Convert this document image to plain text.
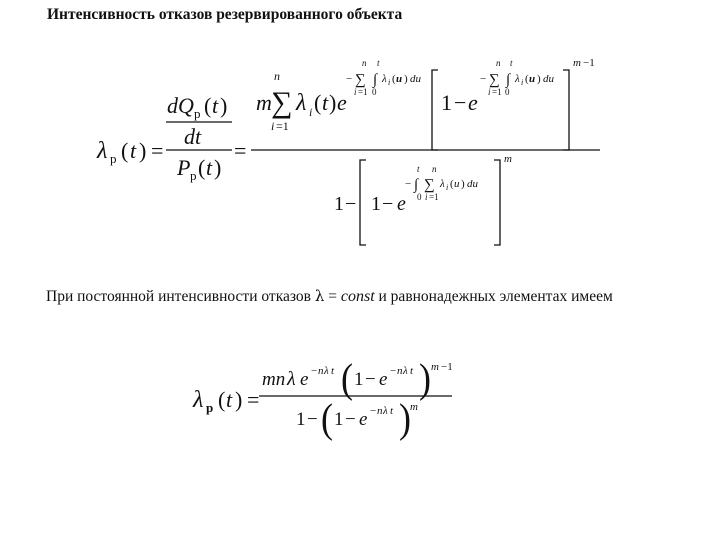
Интенсивность отказов резервированного объекта
λ р ( t ) =
dQ р ( t )
dt
P р ( t )
=
m
n
∑
i =1
λ i ( t ) e
n t
− ∑ ∫ λ i ( u ) du
i =1 0	1 − e
n t
− ∑ ∫ λ i ( u ) du
i =1 0
m −1
1 − 1 − e
t n
− ∫ ∑ λ i ( u ) du
0 i =1
m
При постоянной интенсивности отказов λ = const и равнонадежных элементах имеем
λ р ( t ) =
mn λ e − n λ t ( 1 − e − n λ t ) m −1
1 − ( 1 − e − n λ t ) m
